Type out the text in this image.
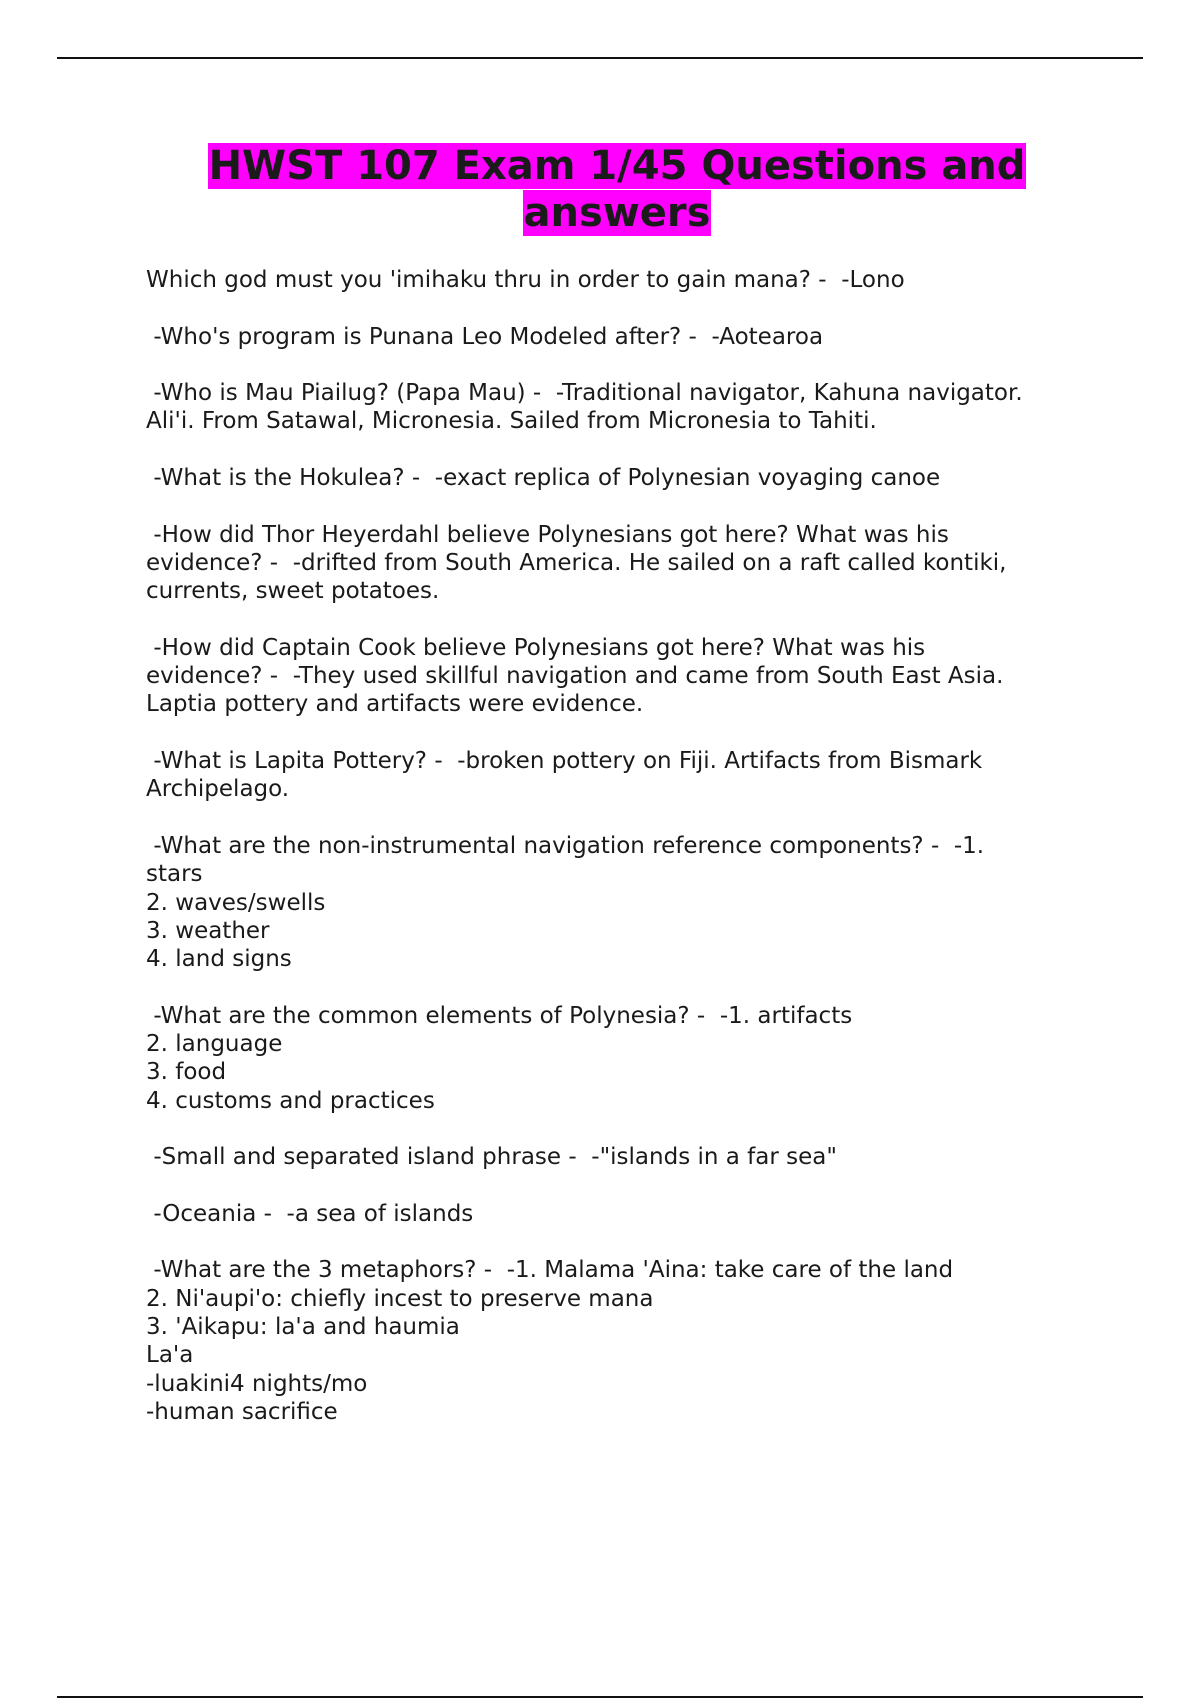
HWST 107 Exam 1/45 Questions and answers

Which god must you 'imihaku thru in order to gain mana? -  -Lono

-Who's program is Punana Leo Modeled after? -  -Aotearoa

-Who is Mau Piailug? (Papa Mau) -  -Traditional navigator, Kahuna navigator.
Ali'i. From Satawal, Micronesia. Sailed from Micronesia to Tahiti.

-What is the Hokulea? -  -exact replica of Polynesian voyaging canoe

-How did Thor Heyerdahl believe Polynesians got here? What was his
evidence? -  -drifted from South America. He sailed on a raft called kontiki,
currents, sweet potatoes.

-How did Captain Cook believe Polynesians got here? What was his
evidence? -  -They used skillful navigation and came from South East Asia.
Laptia pottery and artifacts were evidence.

-What is Lapita Pottery? -  -broken pottery on Fiji. Artifacts from Bismark
Archipelago.

-What are the non-instrumental navigation reference components? -  -1.
stars
2. waves/swells
3. weather
4. land signs

-What are the common elements of Polynesia? -  -1. artifacts
2. language
3. food
4. customs and practices

-Small and separated island phrase -  -"islands in a far sea"

-Oceania -  -a sea of islands

-What are the 3 metaphors? -  -1. Malama 'Aina: take care of the land
2. Ni'aupi'o: chiefly incest to preserve mana
3. 'Aikapu: la'a and haumia
La'a
-luakini4 nights/mo
-human sacrifice
